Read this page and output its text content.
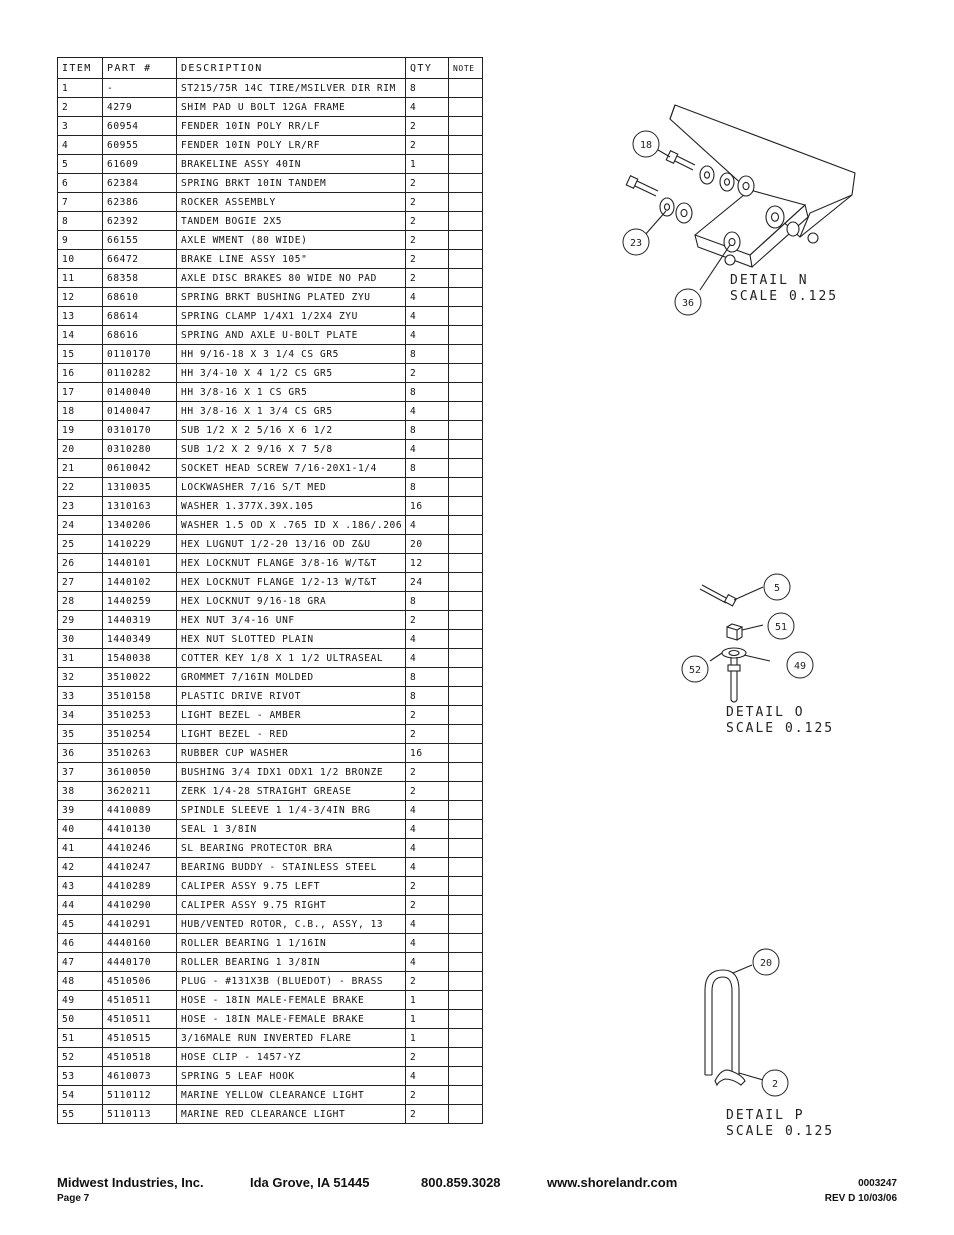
ITEM	PART #	DESCRIPTION	QTY	NOTE
1	-	ST215/75R 14C TIRE/MSILVER DIR RIM	8	
2	4279	SHIM PAD U BOLT 12GA FRAME	4	
3	60954	FENDER 10IN POLY RR/LF	2	
4	60955	FENDER 10IN POLY LR/RF	2	
5	61609	BRAKELINE ASSY 40IN	1	
6	62384	SPRING BRKT 10IN TANDEM	2	
7	62386	ROCKER ASSEMBLY	2	
8	62392	TANDEM BOGIE 2X5	2	
9	66155	AXLE WMENT (80 WIDE)	2	
10	66472	BRAKE LINE ASSY 105"	2	
11	68358	AXLE DISC BRAKES 80 WIDE NO PAD	2	
12	68610	SPRING BRKT BUSHING PLATED ZYU	4	
13	68614	SPRING CLAMP 1/4X1 1/2X4 ZYU	4	
14	68616	SPRING AND AXLE U-BOLT PLATE	4	
15	0110170	HH 9/16-18 X 3 1/4 CS GR5	8	
16	0110282	HH 3/4-10 X 4 1/2 CS GR5	2	
17	0140040	HH 3/8-16 X 1 CS GR5	8	
18	0140047	HH 3/8-16 X 1 3/4 CS GR5	4	
19	0310170	SUB 1/2 X 2 5/16 X 6 1/2	8	
20	0310280	SUB 1/2 X 2 9/16 X 7 5/8	4	
21	0610042	SOCKET HEAD SCREW 7/16-20X1-1/4	8	
22	1310035	LOCKWASHER 7/16 S/T MED	8	
23	1310163	WASHER 1.377X.39X.105	16	
24	1340206	WASHER 1.5 OD X .765 ID X .186/.206	4	
25	1410229	HEX LUGNUT 1/2-20 13/16 OD Z&U	20	
26	1440101	HEX LOCKNUT FLANGE 3/8-16 W/T&T	12	
27	1440102	HEX LOCKNUT FLANGE 1/2-13 W/T&T	24	
28	1440259	HEX LOCKNUT 9/16-18 GRA	8	
29	1440319	HEX NUT 3/4-16 UNF	2	
30	1440349	HEX NUT SLOTTED PLAIN	4	
31	1540038	COTTER KEY 1/8 X 1 1/2 ULTRASEAL	4	
32	3510022	GROMMET 7/16IN MOLDED	8	
33	3510158	PLASTIC DRIVE RIVOT	8	
34	3510253	LIGHT BEZEL - AMBER	2	
35	3510254	LIGHT BEZEL - RED	2	
36	3510263	RUBBER CUP WASHER	16	
37	3610050	BUSHING 3/4 IDX1 ODX1 1/2 BRONZE	2	
38	3620211	ZERK 1/4-28 STRAIGHT GREASE	2	
39	4410089	SPINDLE SLEEVE 1 1/4-3/4IN BRG	4	
40	4410130	SEAL 1 3/8IN	4	
41	4410246	SL BEARING PROTECTOR BRA	4	
42	4410247	BEARING BUDDY - STAINLESS STEEL	4	
43	4410289	CALIPER ASSY 9.75 LEFT	2	
44	4410290	CALIPER ASSY 9.75 RIGHT	2	
45	4410291	HUB/VENTED ROTOR, C.B., ASSY, 13	4	
46	4440160	ROLLER BEARING 1 1/16IN	4	
47	4440170	ROLLER BEARING 1 3/8IN	4	
48	4510506	PLUG - #131X3B (BLUEDOT) - BRASS	2	
49	4510511	HOSE - 18IN MALE-FEMALE BRAKE	1	
50	4510511	HOSE - 18IN MALE-FEMALE BRAKE	1	
51	4510515	3/16MALE RUN INVERTED FLARE	1	
52	4510518	HOSE CLIP - 1457-YZ	2	
53	4610073	SPRING 5 LEAF HOOK	4	
54	5110112	MARINE YELLOW CLEARANCE LIGHT	2	
55	5110113	MARINE RED CLEARANCE LIGHT	2	
18
23
36
DETAIL N
SCALE 0.125
5
51
52	49
DETAIL O
SCALE 0.125
20
2
DETAIL P
SCALE 0.125
Midwest Industries, Inc.	Ida Grove, IA 51445	800.859.3028	www.shorelandr.com	0003247
Page 7	REV D 10/03/06
